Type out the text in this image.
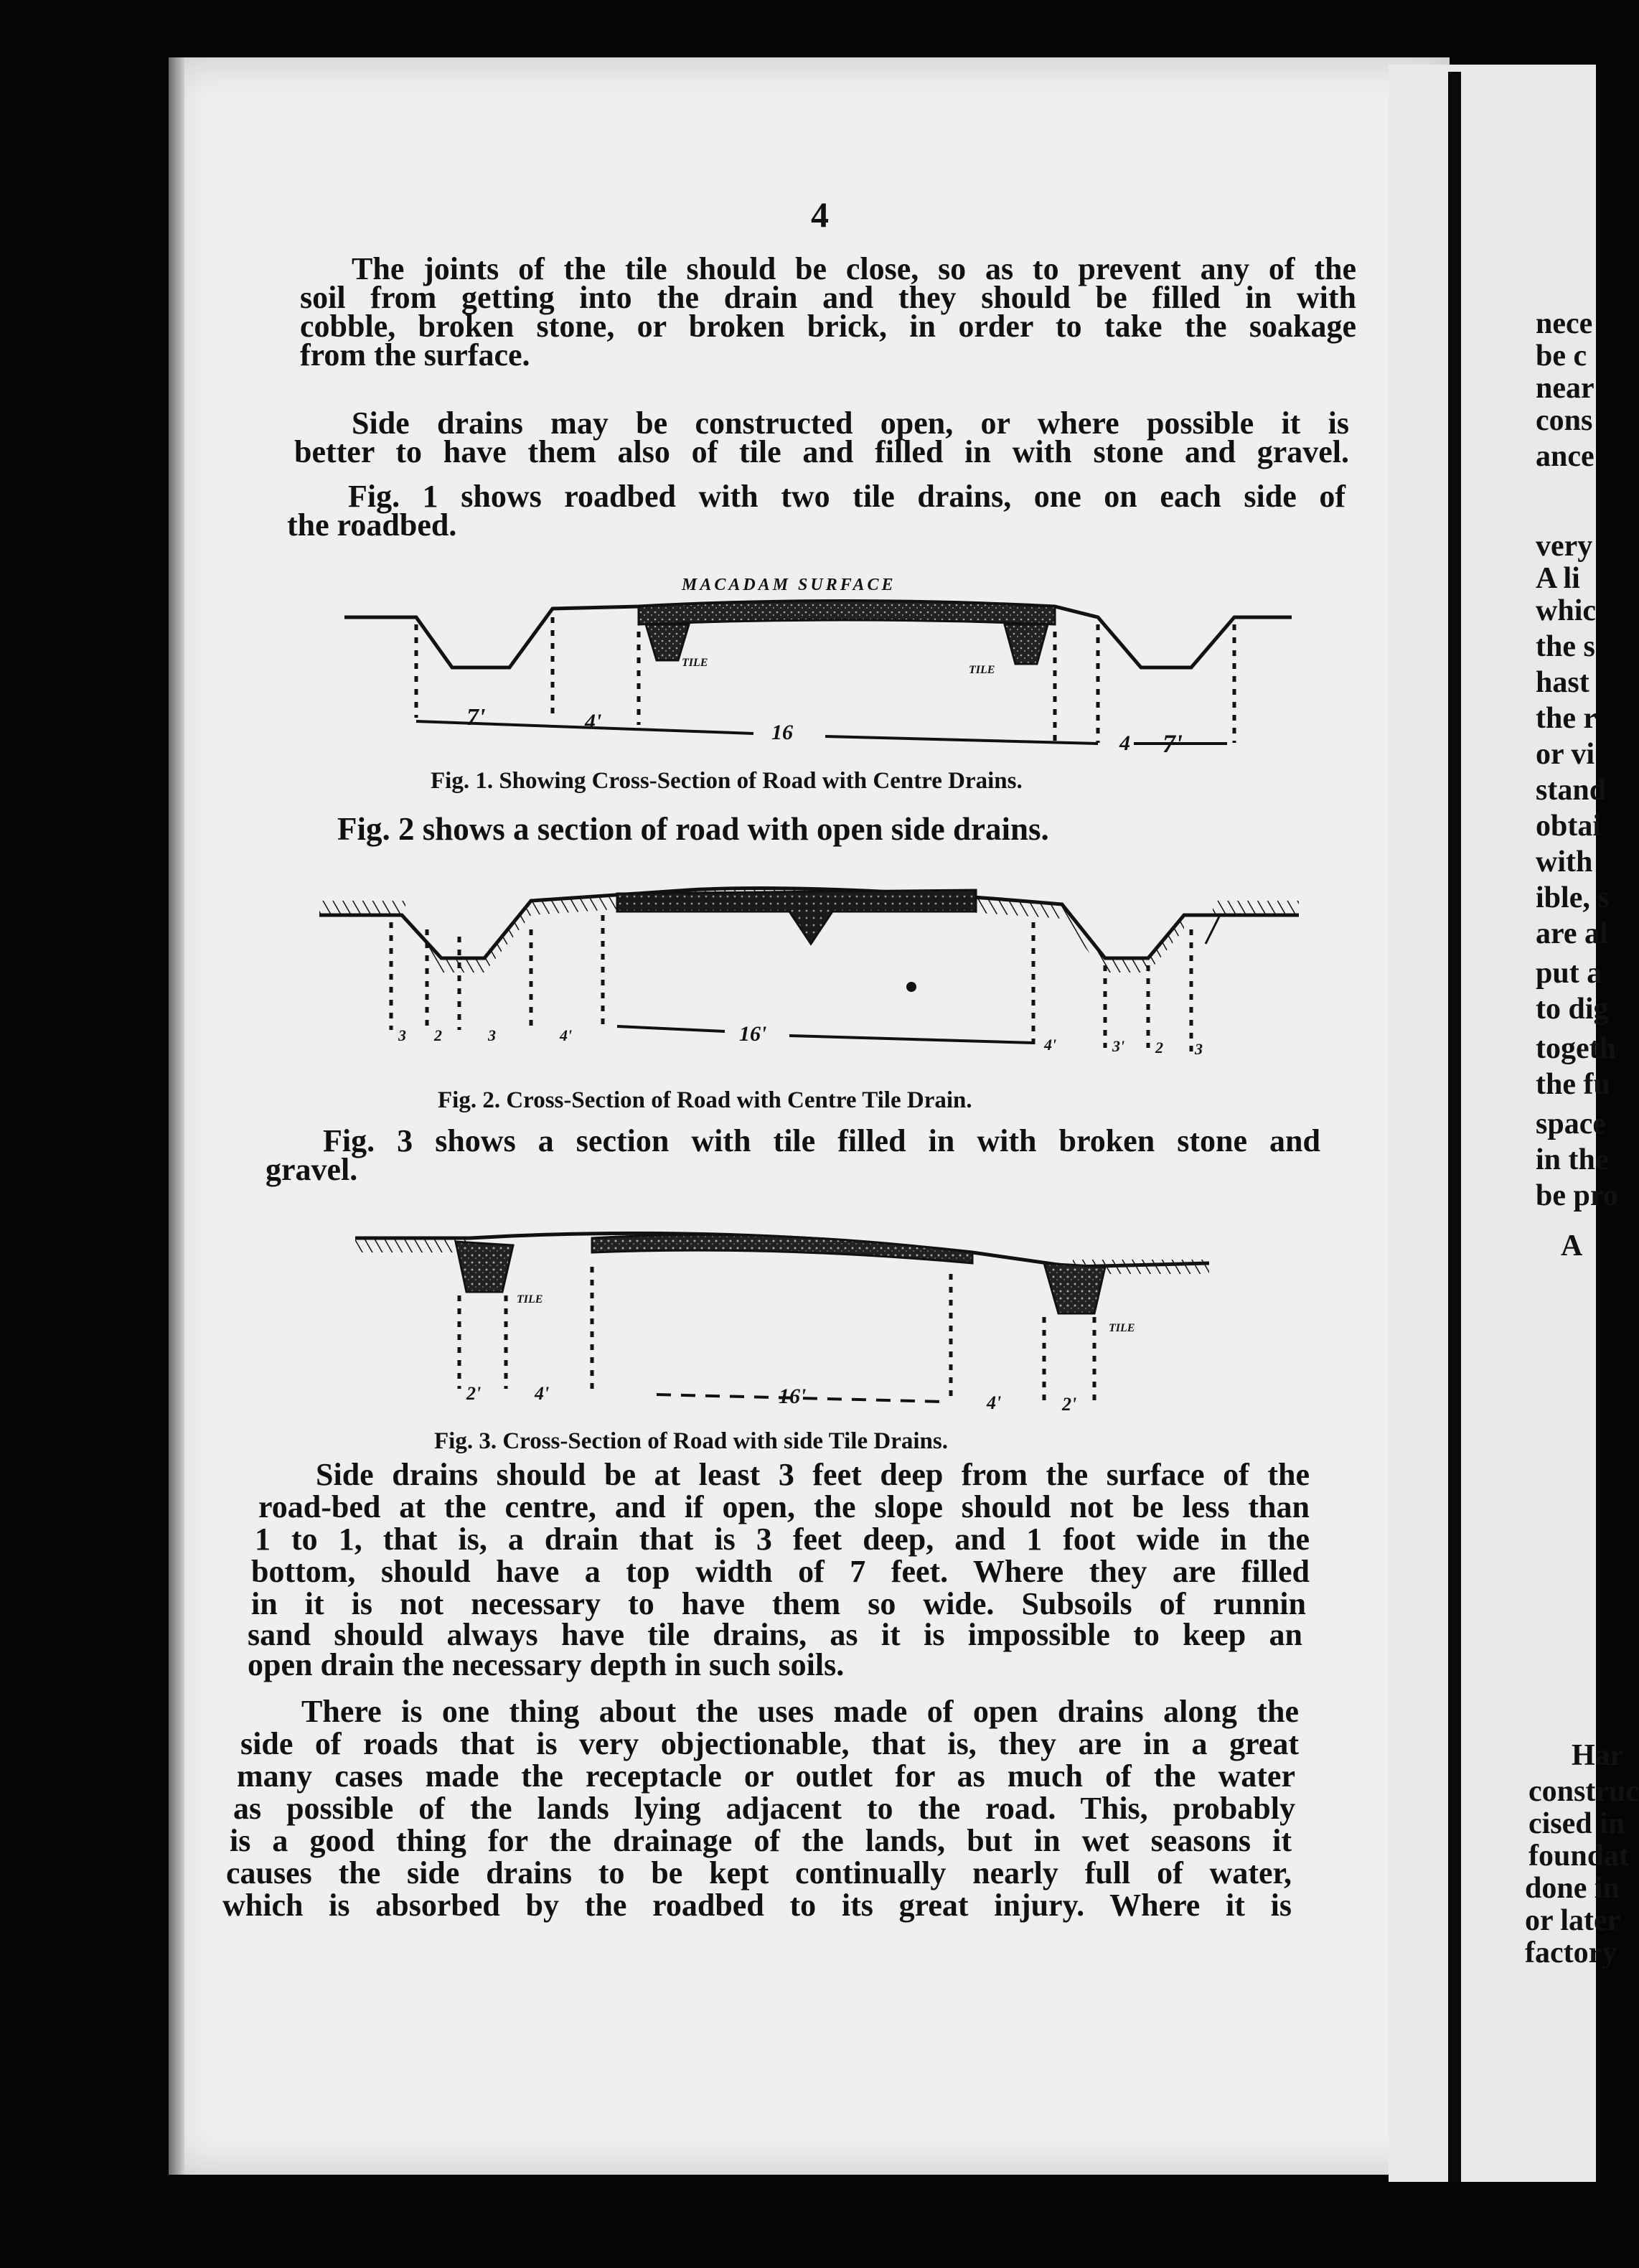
4

The joints of the tile should be close, so as to prevent any of the

soil from getting into the drain and they should be filled in with

cobble, broken stone, or broken brick, in order to take the soakage

from the surface.

Side drains may be constructed open, or where possible it is

better to have them also of tile and filled in with stone and gravel.

Fig. 1 shows roadbed with two tile drains, one on each side of

the roadbed.

MACADAM SURFACE
TILE
TILE
7'	4'	16	4 7'
Fig. 1. Showing Cross-Section of Road with Centre Drains.

Fig. 2 shows a section of road with open side drains.

3 2	3	4'	16'	4'	3' 2 3
Fig. 2. Cross-Section of Road with Centre Tile Drain.

Fig. 3 shows a section with tile filled in with broken stone and

gravel.

TILE
TILE
2'	4'	16'	4'	2'
Fig. 3. Cross-Section of Road with side Tile Drains.

Side drains should be at least 3 feet deep from the surface of the

road-bed at the centre, and if open, the slope should not be less than

1 to 1, that is, a drain that is 3 feet deep, and 1 foot wide in the

bottom, should have a top width of 7 feet. Where they are filled

in it is not necessary to have them so wide. Subsoils of runnin

sand should always have tile drains, as it is impossible to keep an

open drain the necessary depth in such soils.

There is one thing about the uses made of open drains along the

side of roads that is very objectionable, that is, they are in a great

many cases made the receptacle or outlet for as much of the water

as possible of the lands lying adjacent to the road. This, probably

is a good thing for the drainage of the lands, but in wet seasons it

causes the side drains to be kept continually nearly full of water,

which is absorbed by the roadbed to its great injury. Where it is

nece
be c
near
cons
ance
very
A li
whic
the s
hast
the r
or vi
stand
obtai
with
ible, s
are al
put a
to dig
togeth
the fu
space
in the
be pro
A
Har
construc
cised in
foundat
done in
or later
factory
